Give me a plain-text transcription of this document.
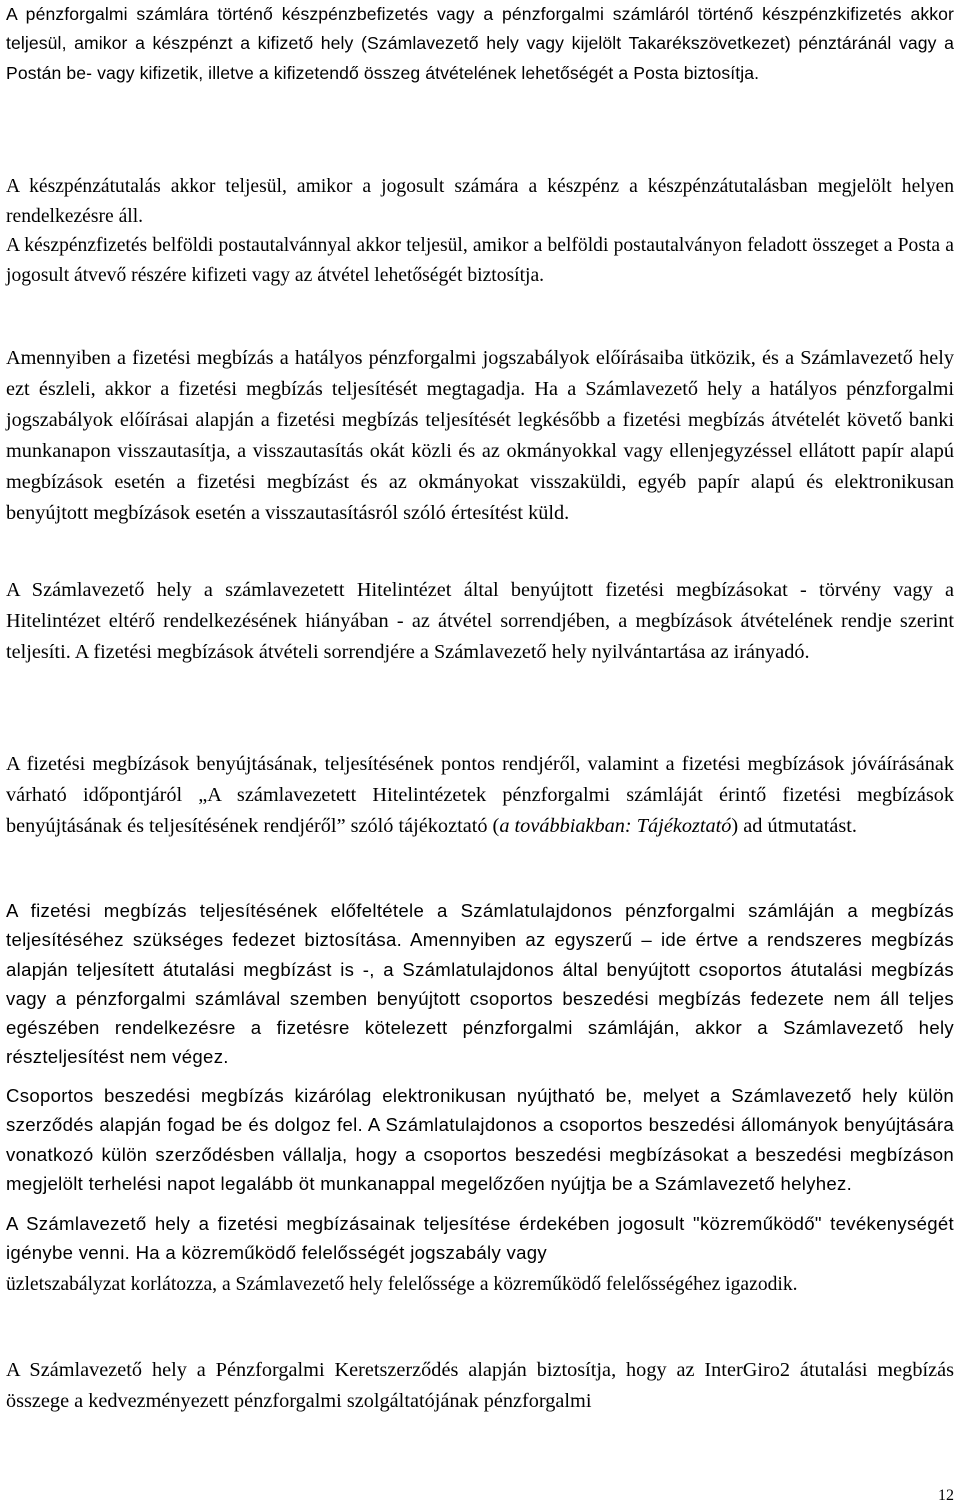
A pénzforgalmi számlára történő készpénzbefizetés vagy a pénzforgalmi számláról történő készpénzkifizetés akkor teljesül, amikor a készpénzt a kifizető hely (Számlavezető hely vagy kijelölt Takarékszövetkezet) pénztáránál vagy a Postán be- vagy kifizetik, illetve a kifizetendő összeg átvételének lehetőségét a Posta biztosítja.

A készpénzátutalás akkor teljesül, amikor a jogosult számára a készpénz a készpénzátutalásban megjelölt helyen rendelkezésre áll.

A készpénzfizetés belföldi postautalvánnyal akkor teljesül, amikor a belföldi postautalványon feladott összeget a Posta a jogosult átvevő részére kifizeti vagy az átvétel lehetőségét biztosítja.

Amennyiben a fizetési megbízás a hatályos pénzforgalmi jogszabályok előírásaiba ütközik, és a Számlavezető hely ezt észleli, akkor a fizetési megbízás teljesítését megtagadja. Ha a Számlavezető hely a hatályos pénzforgalmi jogszabályok előírásai alapján a fizetési megbízás teljesítését legkésőbb a fizetési megbízás átvételét követő banki munkanapon visszautasítja, a visszautasítás okát közli és az okmányokkal vagy ellenjegyzéssel ellátott papír alapú megbízások esetén a fizetési megbízást és az okmányokat visszaküldi, egyéb papír alapú és elektronikusan benyújtott megbízások esetén a visszautasításról szóló értesítést küld.

A Számlavezető hely a számlavezetett Hitelintézet által benyújtott fizetési megbízásokat - törvény vagy a Hitelintézet eltérő rendelkezésének hiányában - az átvétel sorrendjében, a megbízások átvételének rendje szerint teljesíti. A fizetési megbízások átvételi sorrendjére a Számlavezető hely nyilvántartása az irányadó.

A fizetési megbízások benyújtásának, teljesítésének pontos rendjéről, valamint a fizetési megbízások jóváírásának várható időpontjáról „A számlavezetett Hitelintézetek pénzforgalmi számláját érintő fizetési megbízások benyújtásának és teljesítésének rendjéről” szóló tájékoztató (a továbbiakban: Tájékoztató) ad útmutatást.

A fizetési megbízás teljesítésének előfeltétele a Számlatulajdonos pénzforgalmi számláján a megbízás teljesítéséhez szükséges fedezet biztosítása. Amennyiben az egyszerű – ide értve a rendszeres megbízás alapján teljesített átutalási megbízást is -, a Számlatulajdonos által benyújtott csoportos átutalási megbízás vagy a pénzforgalmi számlával szemben benyújtott csoportos beszedési megbízás fedezete nem áll teljes egészében rendelkezésre a fizetésre kötelezett pénzforgalmi számláján, akkor a Számlavezető hely részteljesítést nem végez.

Csoportos beszedési megbízás kizárólag elektronikusan nyújtható be, melyet a Számlavezető hely külön szerződés alapján fogad be és dolgoz fel. A Számlatulajdonos a csoportos beszedési állományok benyújtására vonatkozó külön szerződésben vállalja, hogy a csoportos beszedési megbízásokat a beszedési megbízáson megjelölt terhelési napot legalább öt munkanappal megelőzően nyújtja be a Számlavezető helyhez.

A Számlavezető hely a fizetési megbízásainak teljesítése érdekében jogosult "közreműködő" tevékenységét igénybe venni. Ha a közreműködő felelősségét jogszabály vagy
üzletszabályzat korlátozza, a Számlavezető hely felelőssége a közreműködő felelősségéhez igazodik.

A Számlavezető hely a Pénzforgalmi Keretszerződés alapján biztosítja, hogy az InterGiro2 átutalási megbízás összege a kedvezményezett pénzforgalmi szolgáltatójának pénzforgalmi

12
